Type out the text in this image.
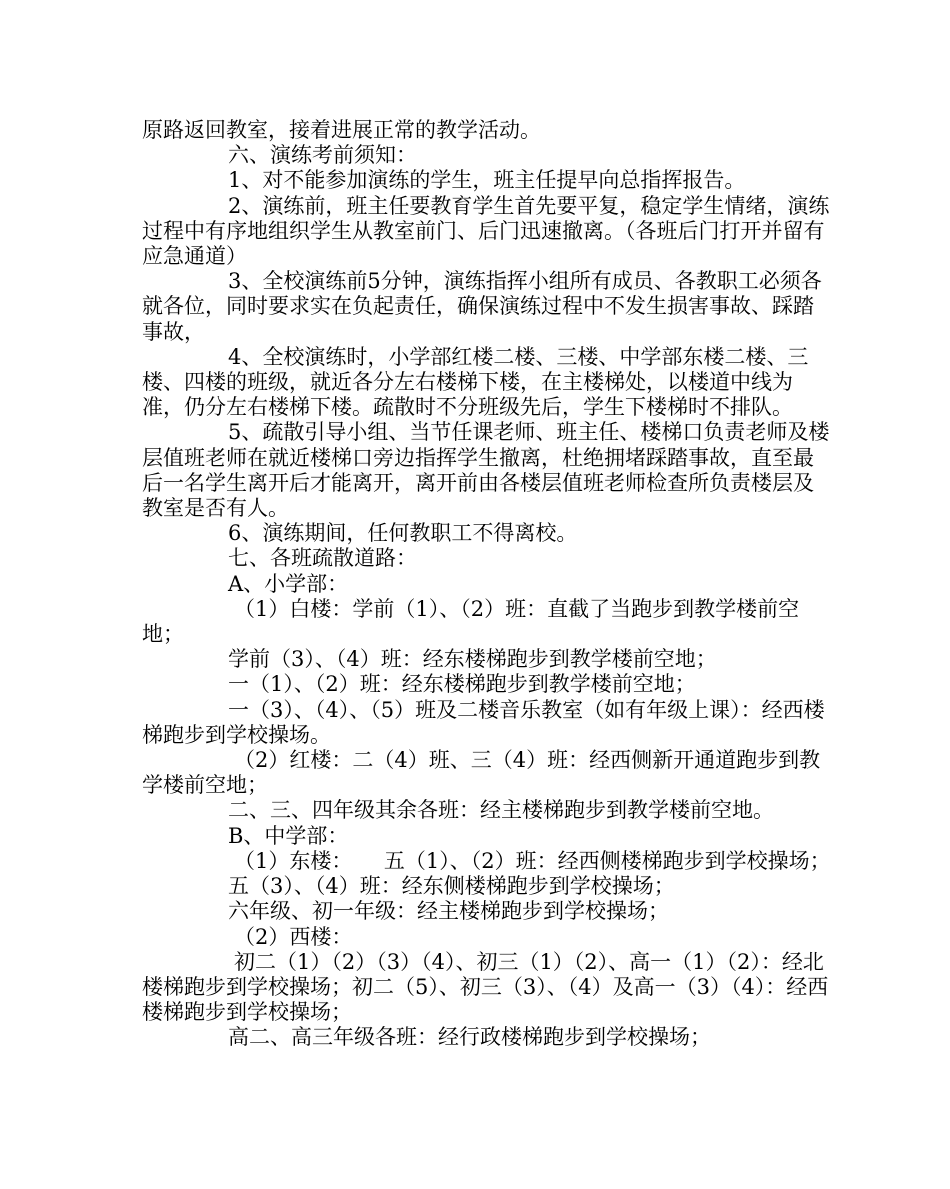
原路返回教室，接着进展正常的教学活动。

六、演练考前须知：

1、对不能参加演练的学生，班主任提早向总指挥报告。

2、演练前，班主任要教育学生首先要平复，稳定学生情绪，演练过程中有序地组织学生从教室前门、后门迅速撤离。（各班后门打开并留有应急通道）

3、全校演练前5分钟，演练指挥小组所有成员、各教职工必须各就各位，同时要求实在负起责任，确保演练过程中不发生损害事故、踩踏事故，

4、全校演练时，小学部红楼二楼、三楼、中学部东楼二楼、三楼、四楼的班级，就近各分左右楼梯下楼，在主楼梯处，以楼道中线为准，仍分左右楼梯下楼。疏散时不分班级先后，学生下楼梯时不排队。

5、疏散引导小组、当节任课老师、班主任、楼梯口负责老师及楼层值班老师在就近楼梯口旁边指挥学生撤离，杜绝拥堵踩踏事故，直至最后一名学生离开后才能离开，离开前由各楼层值班老师检查所负责楼层及教室是否有人。

6、演练期间，任何教职工不得离校。

七、各班疏散道路：

A、小学部：

（1）白楼：学前（1）、（2）班：直截了当跑步到教学楼前空地；

学前（3）、（4）班：经东楼梯跑步到教学楼前空地；

一（1）、（2）班：经东楼梯跑步到教学楼前空地；

一（3）、（4）、（5）班及二楼音乐教室（如有年级上课）：经西楼梯跑步到学校操场。

（2）红楼：二（4）班、三（4）班：经西侧新开通道跑步到教学楼前空地；

二、三、四年级其余各班：经主楼梯跑步到教学楼前空地。

B、中学部：

（1）东楼：　　五（1）、（2）班：经西侧楼梯跑步到学校操场；

五（3）、（4）班：经东侧楼梯跑步到学校操场；

六年级、初一年级：经主楼梯跑步到学校操场；

（2）西楼：

初二（1）（2）（3）（4）、初三（1）（2）、高一（1）（2）：经北楼梯跑步到学校操场；初二（5）、初三（3）、（4）及高一（3）（4）：经西楼梯跑步到学校操场；

高二、高三年级各班：经行政楼梯跑步到学校操场；
